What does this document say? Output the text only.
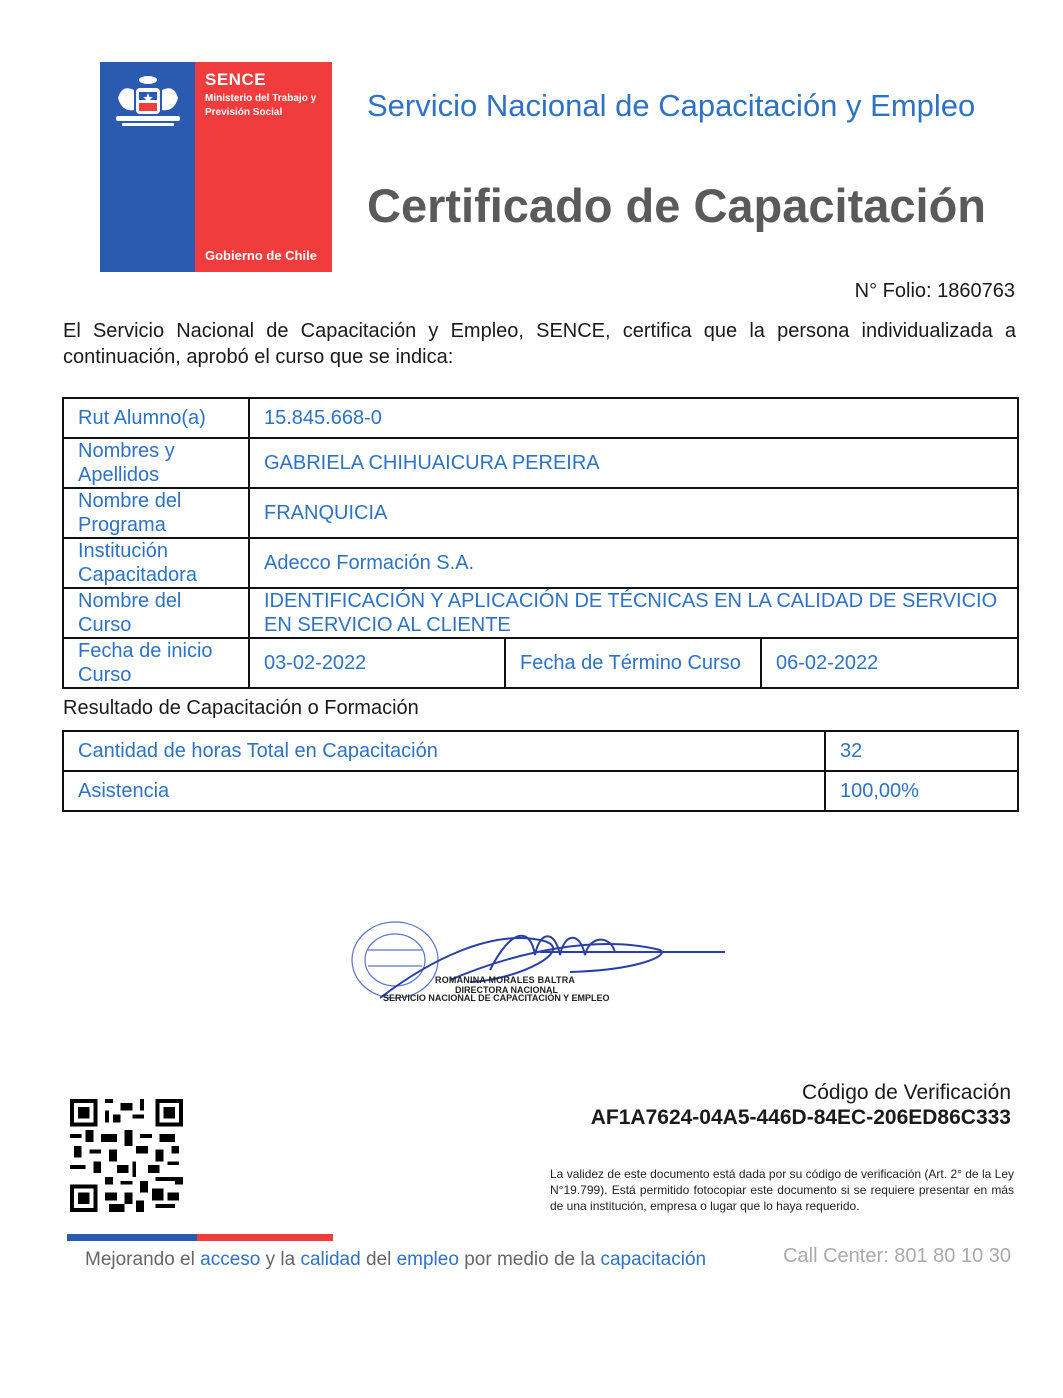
SENCE
Ministerio del Trabajo y Previsión Social
Gobierno de Chile
Servicio Nacional de Capacitación y Empleo
Certificado de Capacitación
N° Folio: 1860763
El Servicio Nacional de Capacitación y Empleo, SENCE, certifica que la persona individualizada a continuación, aprobó el curso que se indica:
Rut Alumno(a)	15.845.668-0		
Nombres y Apellidos	GABRIELA CHIHUAICURA PEREIRA		
Nombre del Programa	FRANQUICIA		
Institución Capacitadora	Adecco Formación S.A.		
Nombre del Curso	IDENTIFICACIÓN Y APLICACIÓN DE TÉCNICAS EN LA CALIDAD DE SERVICIO EN SERVICIO AL CLIENTE		
Fecha de inicio Curso	03-02-2022	Fecha de Término Curso	06-02-2022
Resultado de Capacitación o Formación
Cantidad de horas Total en Capacitación	32
Asistencia	100,00%
ROMANINA MORALES BALTRA
DIRECTORA NACIONAL
SERVICIO NACIONAL DE CAPACITACIÓN Y EMPLEO
Código de Verificación
AF1A7624-04A5-446D-84EC-206ED86C333
La validez de este documento está dada por su código de verificación (Art. 2° de la Ley N°19.799). Está permitido fotocopiar este documento si se requiere presentar en más de una institución, empresa o lugar que lo haya requerido.
Mejorando el acceso y la calidad del empleo por medio de la capacitación	Call Center: 801 80 10 30
